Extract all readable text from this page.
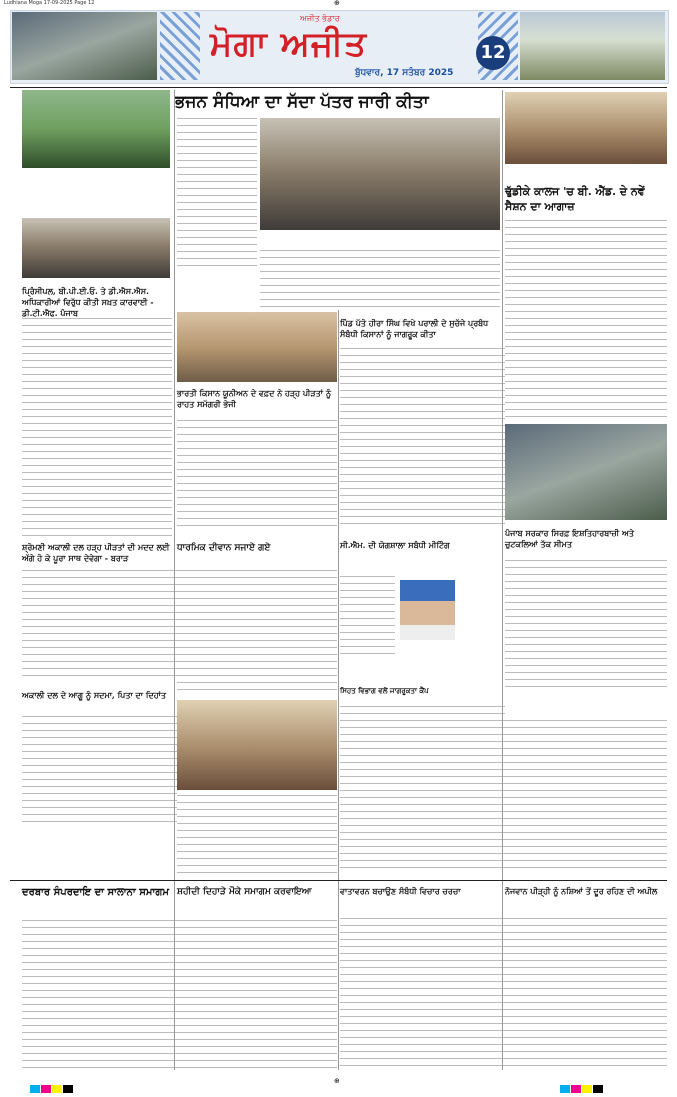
Ludhiana Moga 17-09-2025 Page 12	⊕
ਅਜੀਤ ਭੰਡਾਰ
ਮੋਗਾ ਅਜੀਤ
ਬੁੱਧਵਾਰ, 17 ਸਤੰਬਰ 2025
12
ਭਜਨ ਸੰਧਿਆ ਦਾ ਸੱਦਾ ਪੱਤਰ ਜਾਰੀ ਕੀਤਾ

ਪ੍ਰਿੰਸੀਪਲ, ਬੀ.ਪੀ.ਈ.ਓ. ਤੇ ਡੀ.ਐਸ.ਐਸ. ਅਧਿਕਾਰੀਆਂ ਵਿਰੁੱਧ ਕੀਤੀ ਸਖ਼ਤ ਕਾਰਵਾਈ - ਡੀ.ਟੀ.ਐਫ. ਪੰਜਾਬ
ਸ਼੍ਰੋਮਣੀ ਅਕਾਲੀ ਦਲ ਹੜ੍ਹ ਪੀੜਤਾਂ ਦੀ ਮਦਦ ਲਈ ਅੱਗੇ ਹੋ ਕੇ ਪੂਰਾ ਸਾਥ ਦੇਵੇਗਾ - ਬਰਾੜ
ਅਕਾਲੀ ਦਲ ਦੇ ਆਗੂ ਨੂੰ ਸਦਮਾ, ਪਿਤਾ ਦਾ ਦਿਹਾਂਤ
ਦਰਬਾਰ ਸੰਪਰਦਾਇ ਦਾ ਸਾਲਾਨਾ ਸਮਾਗਮ

ਭਾਰਤੀ ਕਿਸਾਨ ਯੂਨੀਅਨ ਦੇ ਵਫ਼ਦ ਨੇ ਹੜ੍ਹ ਪੀੜਤਾਂ ਨੂੰ ਰਾਹਤ ਸਮੱਗਰੀ ਭੇਜੀ
ਪਿੰਡ ਪੱਤੋ ਹੀਰਾ ਸਿੰਘ ਵਿਖੇ ਪਰਾਲੀ ਦੇ ਸੁਚੱਜੇ ਪ੍ਰਬੰਧ ਸੰਬੰਧੀ ਕਿਸਾਨਾਂ ਨੂੰ ਜਾਗਰੂਕ ਕੀਤਾ
ਧਾਰਮਿਕ ਦੀਵਾਨ ਸਜਾਏ ਗਏ
ਸ਼ਹੀਦੀ ਦਿਹਾੜੇ ਮੌਕੇ ਸਮਾਗਮ ਕਰਵਾਇਆ
ਸੀ.ਐਮ. ਦੀ ਯੋਗਸ਼ਾਲਾ ਸਬੰਧੀ ਮੀਟਿੰਗ
ਸਿਹਤ ਵਿਭਾਗ ਵਲੋਂ ਜਾਗਰੂਕਤਾ ਕੈਂਪ
ਵਾਤਾਵਰਨ ਬਚਾਉਣ ਸੰਬੰਧੀ ਵਿਚਾਰ ਚਰਚਾ

ਢੁੱਡੀਕੇ ਕਾਲਜ 'ਚ ਬੀ. ਐੱਡ. ਦੇ ਨਵੇਂ ਸੈਸ਼ਨ ਦਾ ਆਗਾਜ਼
ਪੰਜਾਬ ਸਰਕਾਰ ਸਿਰਫ਼ ਇਸ਼ਤਿਹਾਰਬਾਜ਼ੀ ਅਤੇ ਚੁਟਕਲਿਆਂ ਤੱਕ ਸੀਮਤ
ਨੌਜਵਾਨ ਪੀੜ੍ਹੀ ਨੂੰ ਨਸ਼ਿਆਂ ਤੋਂ ਦੂਰ ਰਹਿਣ ਦੀ ਅਪੀਲ
⊕
